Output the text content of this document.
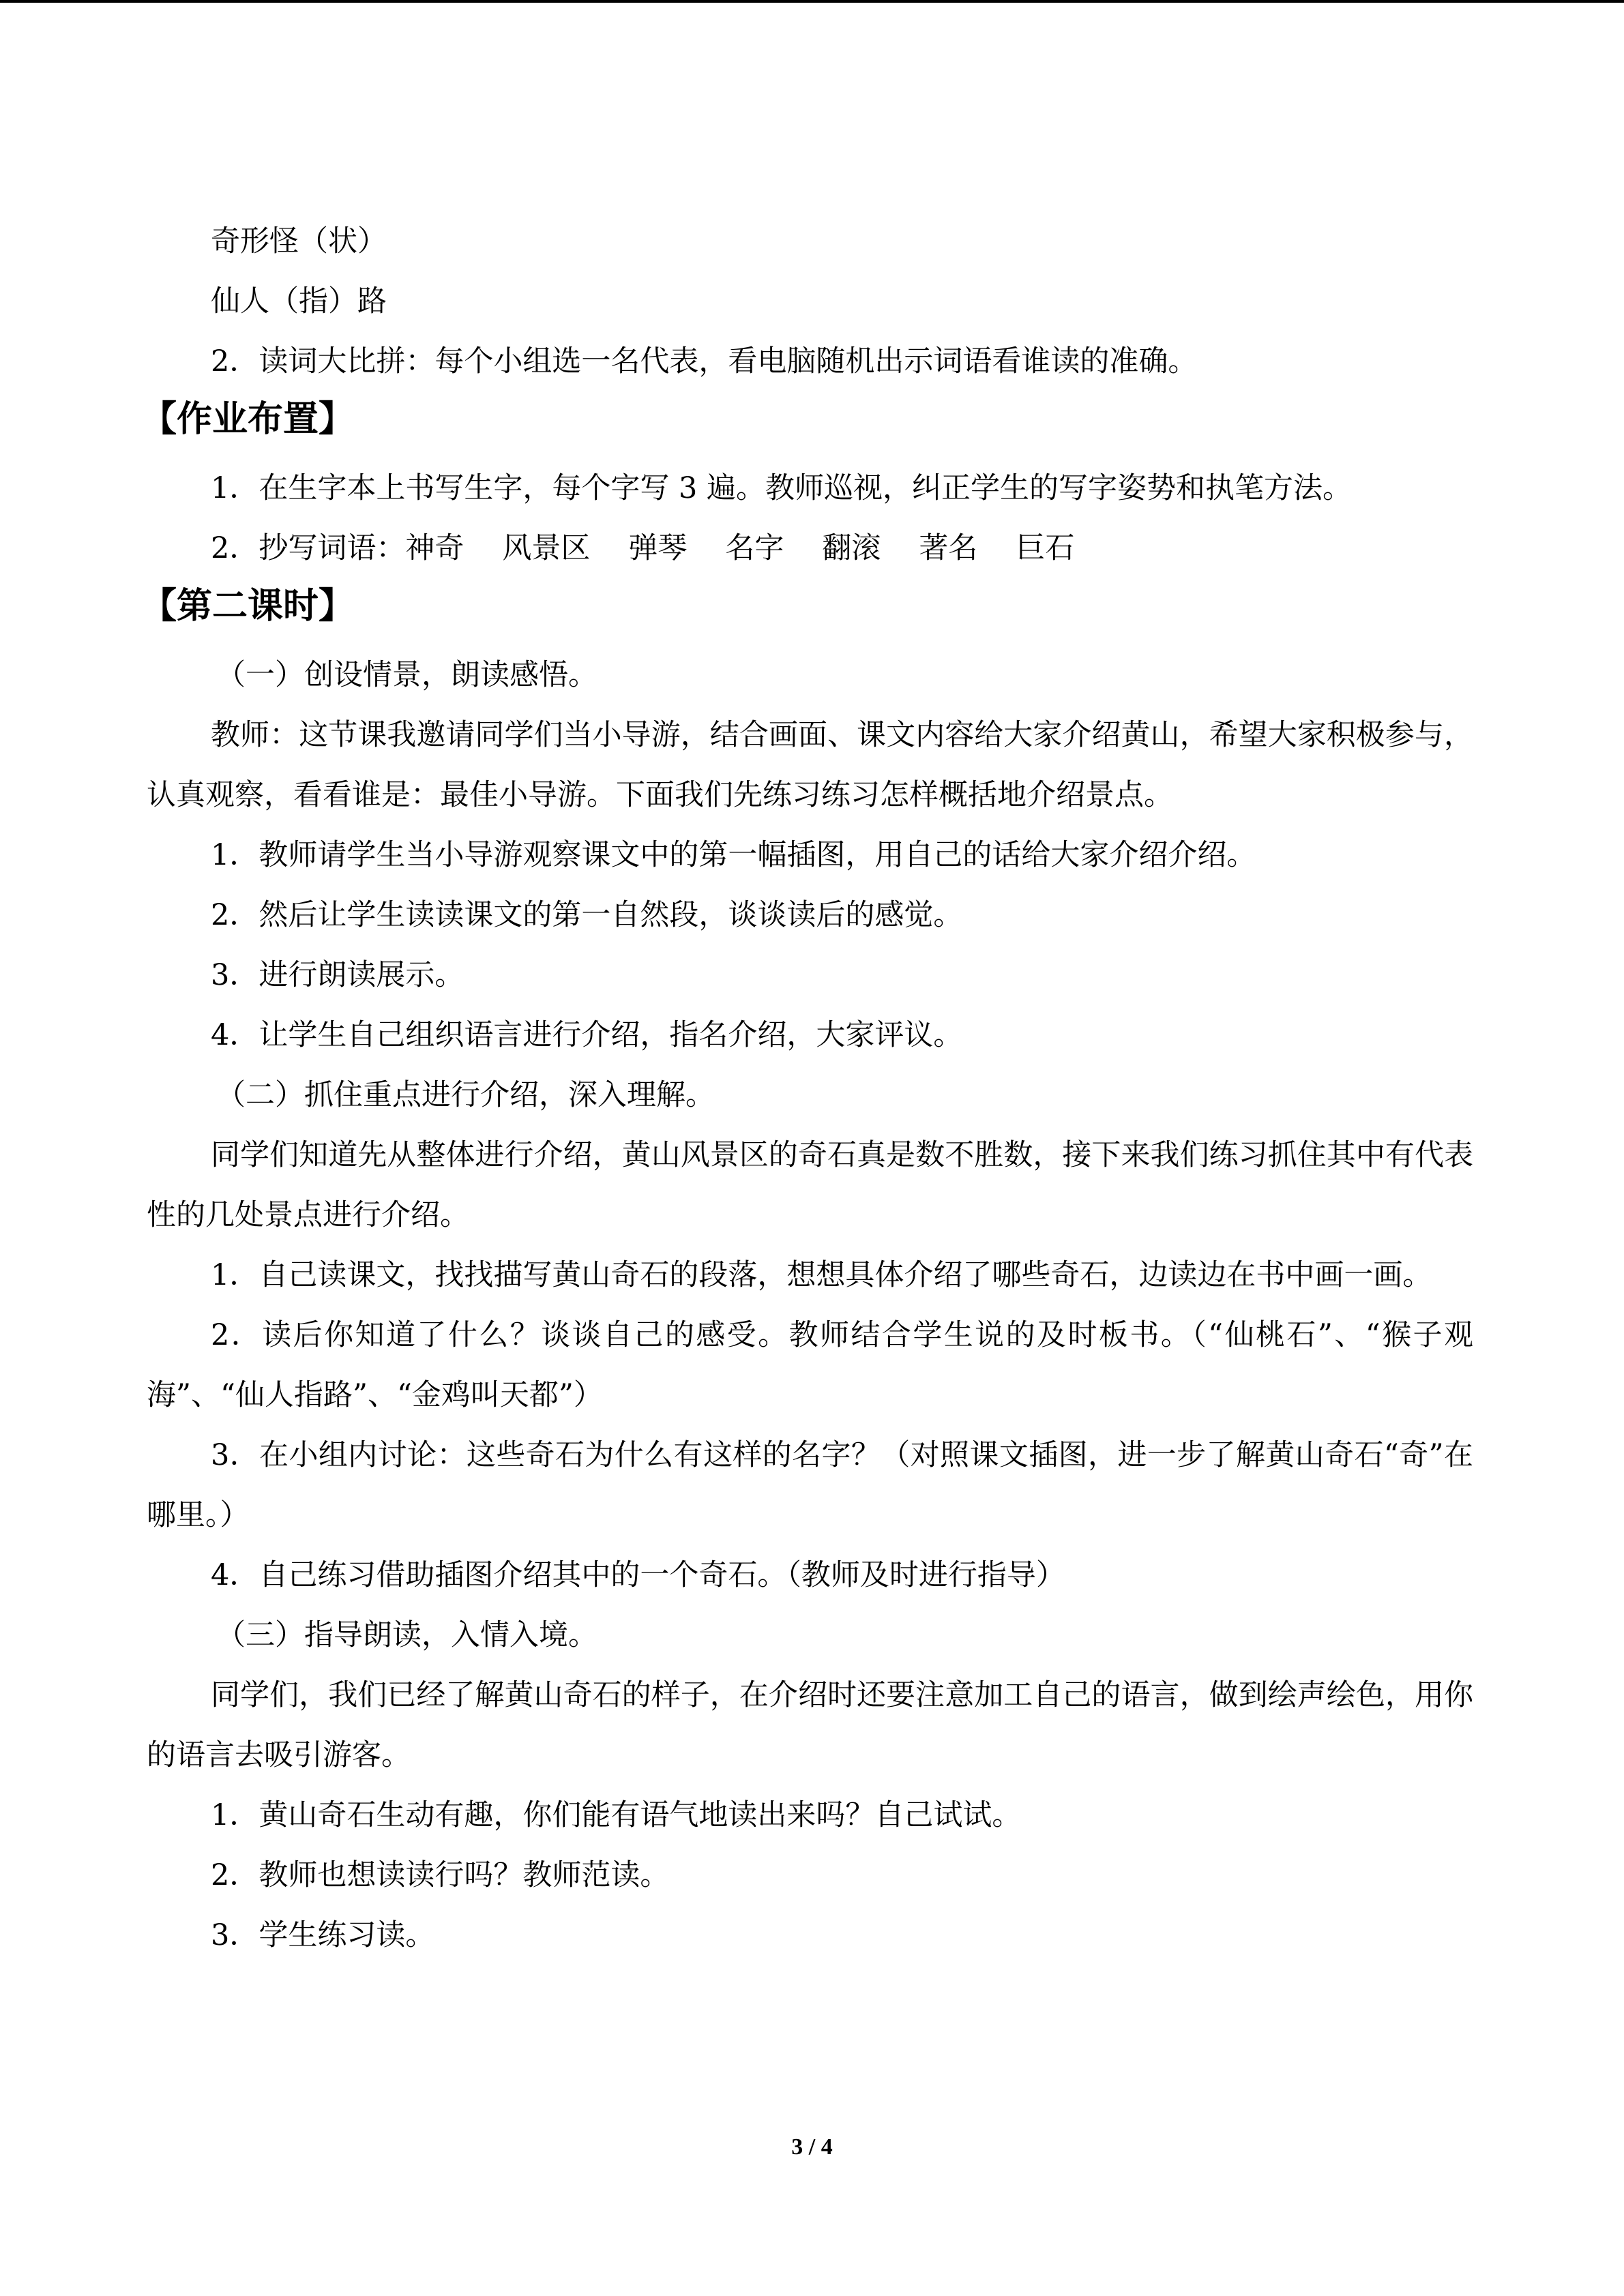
奇形怪（状）

仙人（指）路

2．读词大比拼：每个小组选一名代表，看电脑随机出示词语看谁读的准确。

【作业布置】

1．在生字本上书写生字，每个字写 3 遍。教师巡视，纠正学生的写字姿势和执笔方法。

2．抄写词语：神奇 风景区 弹琴 名字 翻滚 著名 巨石

【第二课时】

（一）创设情景，朗读感悟。

教师：这节课我邀请同学们当小导游，结合画面、课文内容给大家介绍黄山，希望大家积极参与，认真观察，看看谁是：最佳小导游。下面我们先练习练习怎样概括地介绍景点。

1．教师请学生当小导游观察课文中的第一幅插图，用自己的话给大家介绍介绍。

2．然后让学生读读课文的第一自然段，谈谈读后的感觉。

3．进行朗读展示。

4．让学生自己组织语言进行介绍，指名介绍，大家评议。

（二）抓住重点进行介绍，深入理解。

同学们知道先从整体进行介绍，黄山风景区的奇石真是数不胜数，接下来我们练习抓住其中有代表性的几处景点进行介绍。

1．自己读课文，找找描写黄山奇石的段落，想想具体介绍了哪些奇石，边读边在书中画一画。

2．读后你知道了什么？谈谈自己的感受。教师结合学生说的及时板书。（“仙桃石”、“猴子观海”、“仙人指路”、“金鸡叫天都”）

3．在小组内讨论：这些奇石为什么有这样的名字？（对照课文插图，进一步了解黄山奇石“奇”在哪里。）

4．自己练习借助插图介绍其中的一个奇石。（教师及时进行指导）

（三）指导朗读，入情入境。

同学们，我们已经了解黄山奇石的样子，在介绍时还要注意加工自己的语言，做到绘声绘色，用你的语言去吸引游客。

1．黄山奇石生动有趣，你们能有语气地读出来吗？自己试试。

2．教师也想读读行吗？教师范读。

3．学生练习读。

3 / 4
